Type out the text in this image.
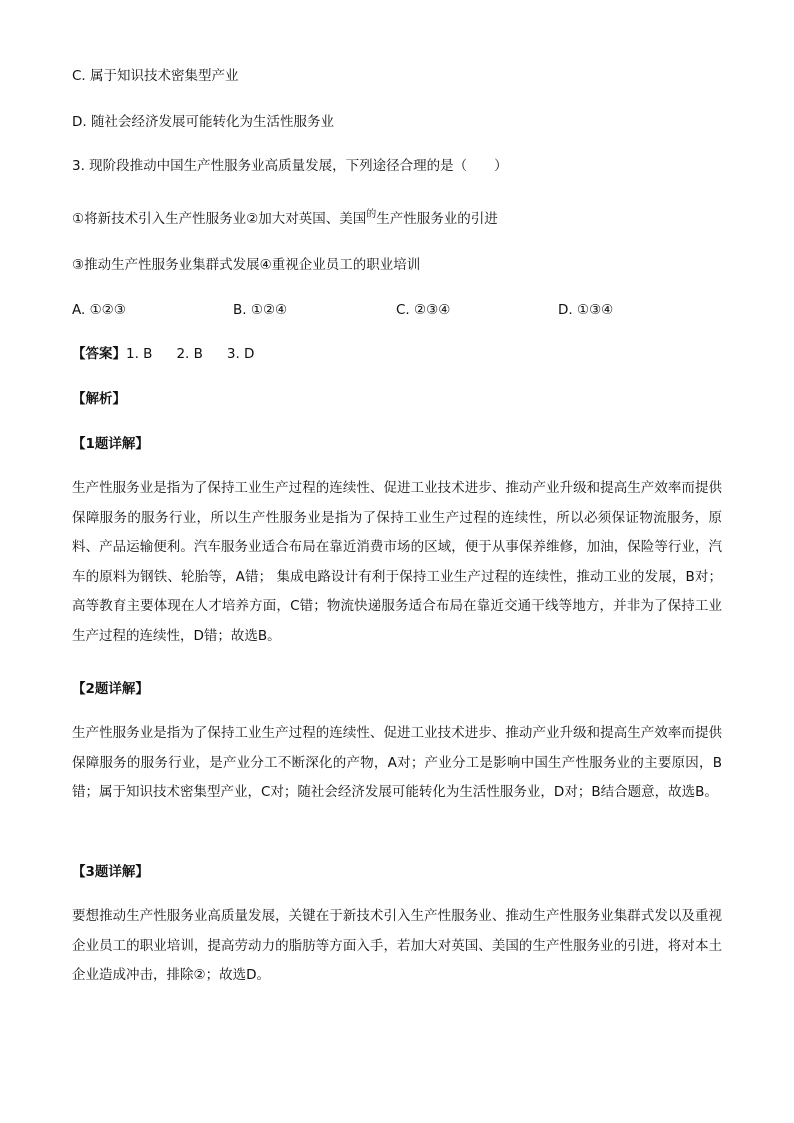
C. 属于知识技术密集型产业
D. 随社会经济发展可能转化为生活性服务业
3. 现阶段推动中国生产性服务业高质量发展，下列途径合理的是（　　）
①将新技术引入生产性服务业②加大对英国、美国$^的$生产性服务业的引进
③推动生产性服务业集群式发展④重视企业员工的职业培训
A. ①②③	B. ①②④	C. ②③④	D. ①③④
【答案】1. B 2. B 3. D
【解析】
【1题详解】
生产性服务业是指为了保持工业生产过程的连续性、促进工业技术进步、推动产业升级和提高生产效率而提供保障服务的服务行业，所以生产性服务业是指为了保持工业生产过程的连续性，所以必须保证物流服务，原料、产品运输便利。汽车服务业适合布局在靠近消费市场的区域，便于从事保养维修，加油，保险等行业，汽车的原料为钢铁、轮胎等，A错； 集成电路设计有利于保持工业生产过程的连续性，推动工业的发展，B对；高等教育主要体现在人才培养方面，C错；物流快递服务适合布局在靠近交通干线等地方，并非为了保持工业生产过程的连续性，D错；故选B。
【2题详解】
生产性服务业是指为了保持工业生产过程的连续性、促进工业技术进步、推动产业升级和提高生产效率而提供保障服务的服务行业，是产业分工不断深化的产物，A对；产业分工是影响中国生产性服务业的主要原因，B错；属于知识技术密集型产业，C对；随社会经济发展可能转化为生活性服务业，D对；B结合题意，故选B。
【3题详解】
要想推动生产性服务业高质量发展，关键在于新技术引入生产性服务业、推动生产性服务业集群式发以及重视企业员工的职业培训，提高劳动力的脂肪等方面入手，若加大对英国、美国的生产性服务业的引进，将对本土企业造成冲击，排除②；故选D。
